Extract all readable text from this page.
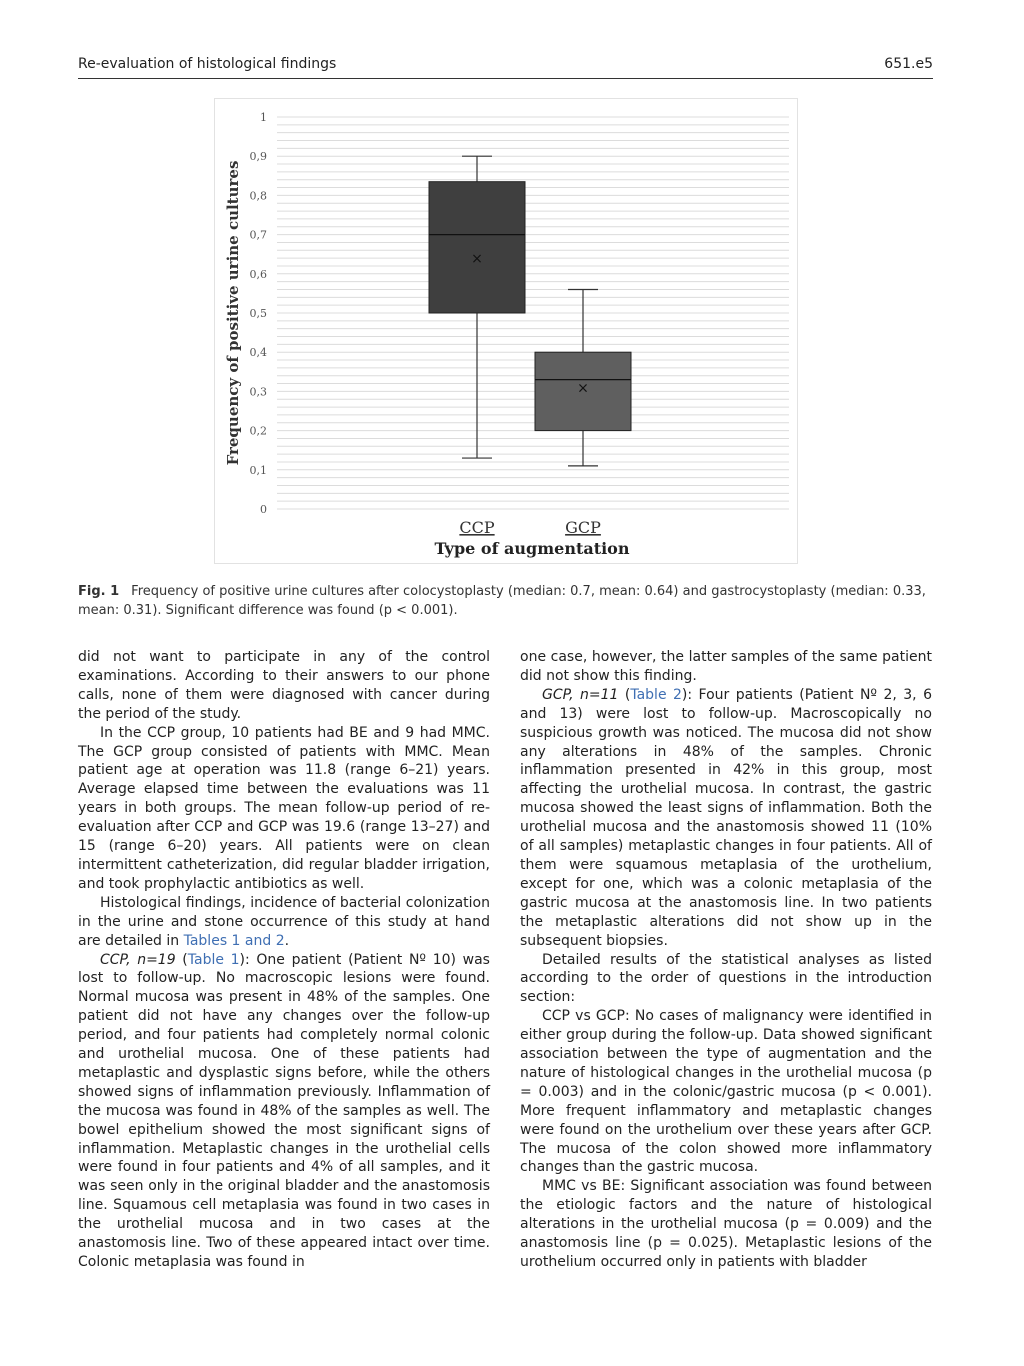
Re-evaluation of histological findings	651.e5
0
0,1
0,2
0,3
0,4
0,5
0,6
0,7
0,8
0,9
1
Frequency of positive urine cultures	×
CCP
×
GCP
Type of augmentation
Fig. 1 Frequency of positive urine cultures after colocystoplasty (median: 0.7, mean: 0.64) and gastrocystoplasty (median: 0.33, mean: 0.31). Significant difference was found (p < 0.001).

did not want to participate in any of the control examinations. According to their answers to our phone calls, none of them were diagnosed with cancer during the period of the study.

In the CCP group, 10 patients had BE and 9 had MMC. The GCP group consisted of patients with MMC. Mean patient age at operation was 11.8 (range 6–21) years. Average elapsed time between the evaluations was 11 years in both groups. The mean follow-up period of re-evaluation after CCP and GCP was 19.6 (range 13–27) and 15 (range 6–20) years. All patients were on clean intermittent catheterization, did regular bladder irrigation, and took prophylactic antibiotics as well.

Histological findings, incidence of bacterial colonization in the urine and stone occurrence of this study at hand are detailed in Tables 1 and 2.

CCP, n=19 (Table 1): One patient (Patient Nº 10) was lost to follow-up. No macroscopic lesions were found. Normal mucosa was present in 48% of the samples. One patient did not have any changes over the follow-up period, and four patients had completely normal colonic and urothelial mucosa. One of these patients had metaplastic and dysplastic signs before, while the others showed signs of inflammation previously. Inflammation of the mucosa was found in 48% of the samples as well. The bowel epithelium showed the most significant signs of inflammation. Metaplastic changes in the urothelial cells were found in four patients and 4% of all samples, and it was seen only in the original bladder and the anastomosis line. Squamous cell metaplasia was found in two cases in the urothelial mucosa and in two cases at the anastomosis line. Two of these appeared intact over time. Colonic metaplasia was found in

one case, however, the latter samples of the same patient did not show this finding.

GCP, n=11 (Table 2): Four patients (Patient Nº 2, 3, 6 and 13) were lost to follow-up. Macroscopically no suspicious growth was noticed. The mucosa did not show any alterations in 48% of the samples. Chronic inflammation presented in 42% in this group, most affecting the urothelial mucosa. In contrast, the gastric mucosa showed the least signs of inflammation. Both the urothelial mucosa and the anastomosis showed 11 (10% of all samples) metaplastic changes in four patients. All of them were squamous metaplasia of the urothelium, except for one, which was a colonic metaplasia of the gastric mucosa at the anastomosis line. In two patients the metaplastic alterations did not show up in the subsequent biopsies.

Detailed results of the statistical analyses as listed according to the order of questions in the introduction section:

CCP vs GCP: No cases of malignancy were identified in either group during the follow-up. Data showed significant association between the type of augmentation and the nature of histological changes in the urothelial mucosa (p = 0.003) and in the colonic/gastric mucosa (p < 0.001). More frequent inflammatory and metaplastic changes were found on the urothelium over these years after GCP. The mucosa of the colon showed more inflammatory changes than the gastric mucosa.

MMC vs BE: Significant association was found between the etiologic factors and the nature of histological alterations in the urothelial mucosa (p = 0.009) and the anastomosis line (p = 0.025). Metaplastic lesions of the urothelium occurred only in patients with bladder
